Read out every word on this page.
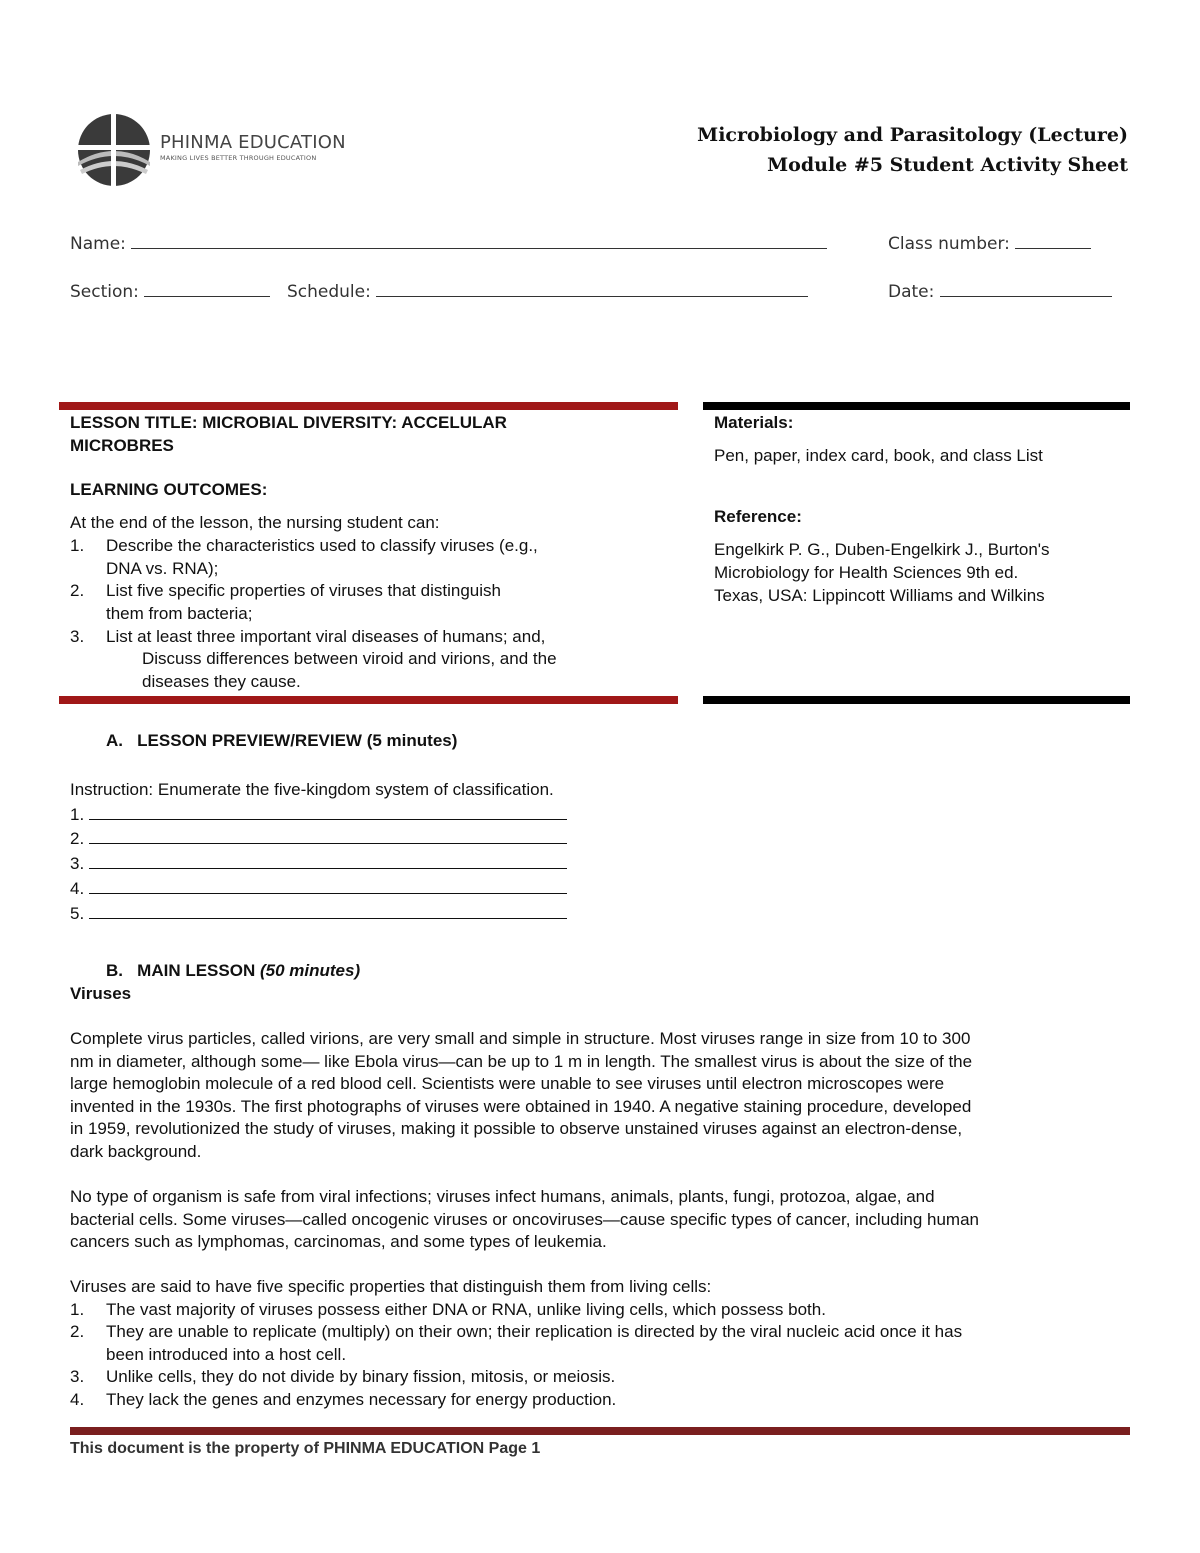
PHINMA EDUCATION
MAKING LIVES BETTER THROUGH EDUCATION
Microbiology and Parasitology (Lecture)
Module #5 Student Activity Sheet
Name:	Class number:
Section:	Schedule:	Date:
LESSON TITLE: MICROBIAL DIVERSITY: ACCELULAR
MICROBRES
LEARNING OUTCOMES:
At the end of the lesson, the nursing student can:
1. Describe the characteristics used to classify viruses (e.g.,
DNA vs. RNA);
2. List five specific properties of viruses that distinguish
them from bacteria;
3. List at least three important viral diseases of humans; and,
Discuss differences between viroid and virions, and the
diseases they cause.
Materials:
Pen, paper, index card, book, and class List
Reference:
Engelkirk P. G., Duben-Engelkirk J., Burton's
Microbiology for Health Sciences 9th ed.
Texas, USA: Lippincott Williams and Wilkins
A. LESSON PREVIEW/REVIEW (5 minutes)
Instruction: Enumerate the five-kingdom system of classification.
1.
2.
3.
4.
5.
B. MAIN LESSON (50 minutes)
Viruses
Complete virus particles, called virions, are very small and simple in structure. Most viruses range in size from 10 to 300
nm in diameter, although some— like Ebola virus—can be up to 1 m in length. The smallest virus is about the size of the
large hemoglobin molecule of a red blood cell. Scientists were unable to see viruses until electron microscopes were
invented in the 1930s. The first photographs of viruses were obtained in 1940. A negative staining procedure, developed
in 1959, revolutionized the study of viruses, making it possible to observe unstained viruses against an electron-dense,
dark background.
No type of organism is safe from viral infections; viruses infect humans, animals, plants, fungi, protozoa, algae, and
bacterial cells. Some viruses—called oncogenic viruses or oncoviruses—cause specific types of cancer, including human
cancers such as lymphomas, carcinomas, and some types of leukemia.
Viruses are said to have five specific properties that distinguish them from living cells:
1. The vast majority of viruses possess either DNA or RNA, unlike living cells, which possess both.
2. They are unable to replicate (multiply) on their own; their replication is directed by the viral nucleic acid once it has
been introduced into a host cell.
3. Unlike cells, they do not divide by binary fission, mitosis, or meiosis.
4. They lack the genes and enzymes necessary for energy production.
This document is the property of PHINMA EDUCATION Page 1
